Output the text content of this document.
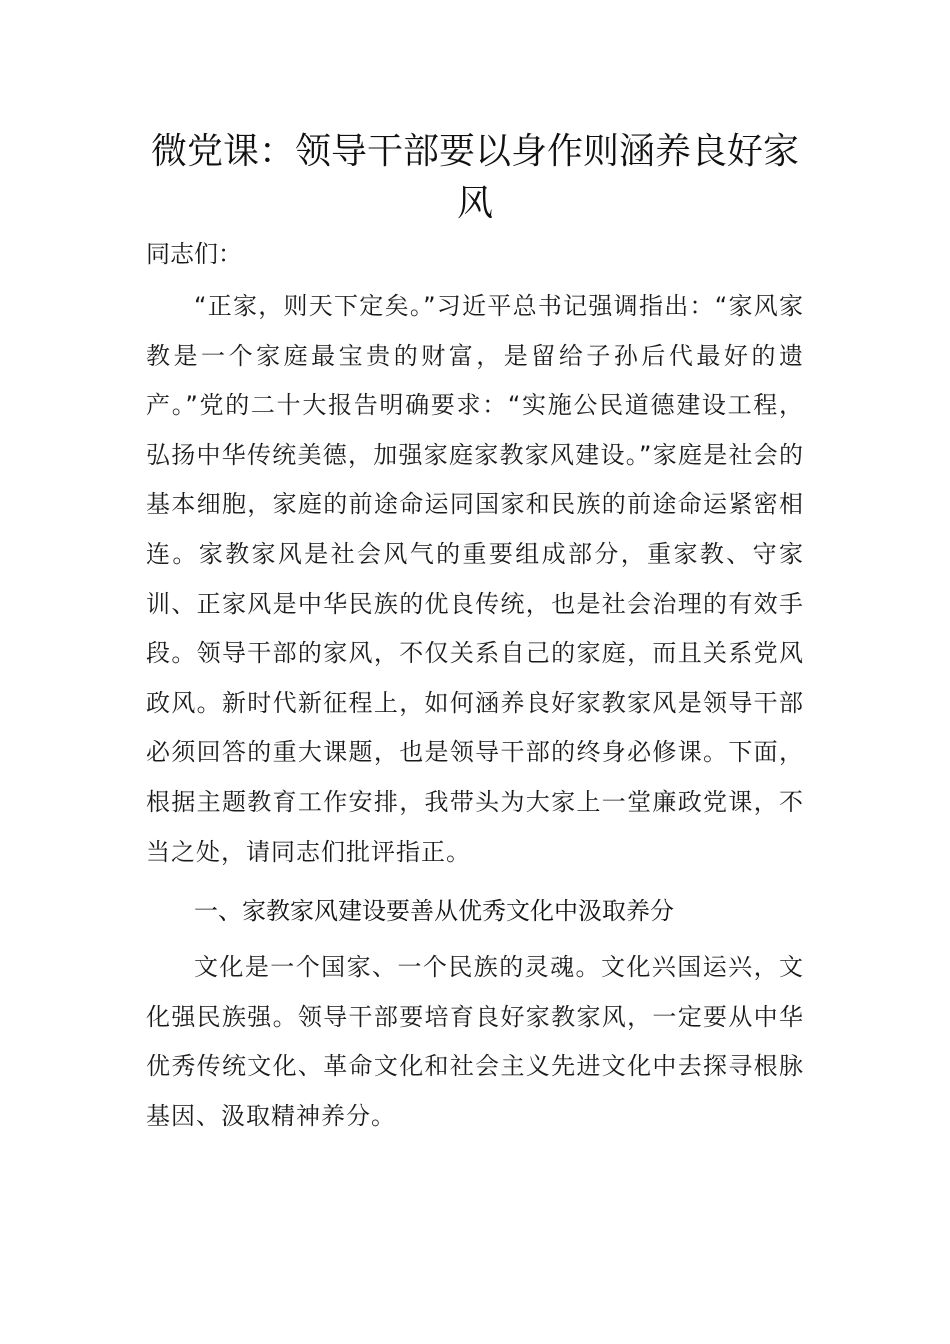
微党课：领导干部要以身作则涵养良好家风

同志们：

“正家，则天下定矣。”习近平总书记强调指出：“家风家教是一个家庭最宝贵的财富，是留给子孙后代最好的遗产。”党的二十大报告明确要求：“实施公民道德建设工程，弘扬中华传统美德，加强家庭家教家风建设。”家庭是社会的基本细胞，家庭的前途命运同国家和民族的前途命运紧密相连。家教家风是社会风气的重要组成部分，重家教、守家训、正家风是中华民族的优良传统，也是社会治理的有效手段。领导干部的家风，不仅关系自己的家庭，而且关系党风政风。新时代新征程上，如何涵养良好家教家风是领导干部必须回答的重大课题，也是领导干部的终身必修课。下面，根据主题教育工作安排，我带头为大家上一堂廉政党课，不当之处，请同志们批评指正。

一、家教家风建设要善从优秀文化中汲取养分

文化是一个国家、一个民族的灵魂。文化兴国运兴，文化强民族强。领导干部要培育良好家教家风，一定要从中华优秀传统文化、革命文化和社会主义先进文化中去探寻根脉基因、汲取精神养分。
